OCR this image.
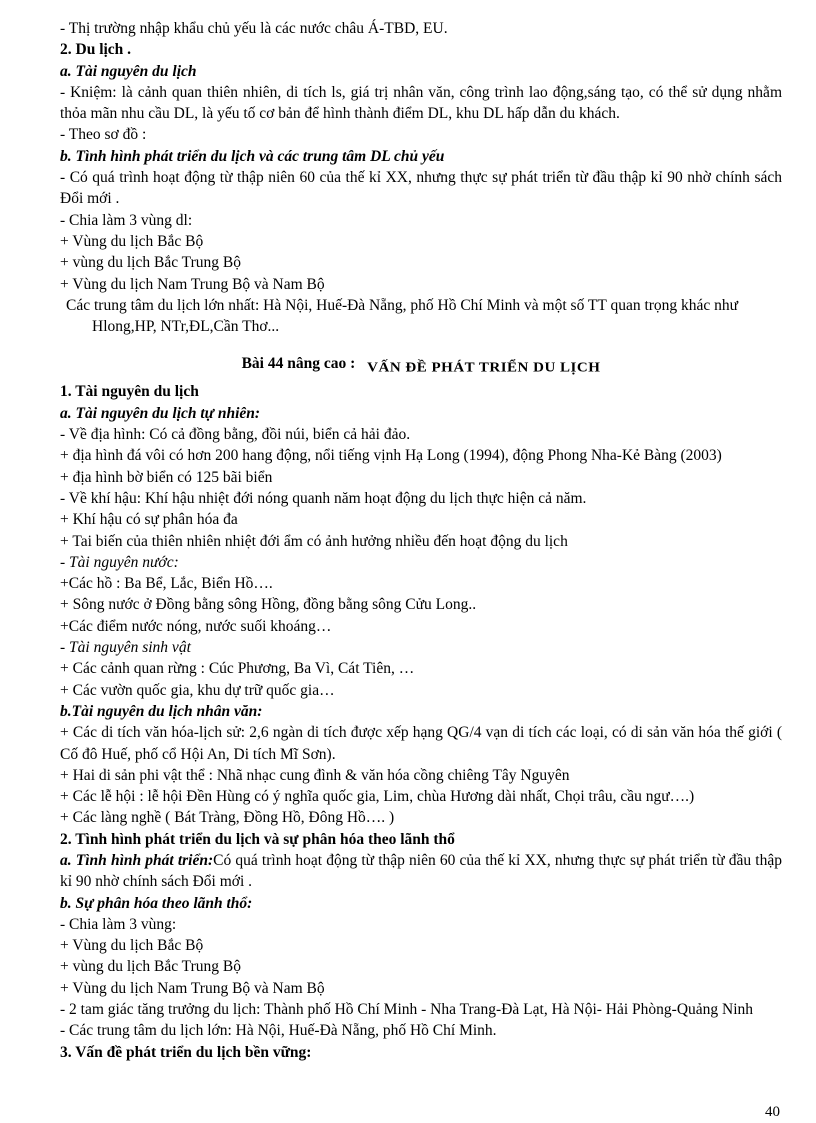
- Thị trường nhập khẩu chủ yếu là các nước châu Á-TBD, EU.
2. Du lịch .
a. Tài nguyên du lịch
- Kniệm: là cảnh quan thiên nhiên, di tích ls, giá trị nhân văn, công trình lao động,sáng tạo, có thể sử dụng nhằm thỏa mãn nhu cầu DL, là yếu tố cơ bản để hình thành điểm DL, khu DL hấp dẫn du khách.
- Theo sơ đồ :
b. Tình hình phát triển du lịch và các trung tâm DL chủ yếu
- Có quá trình hoạt động từ thập niên 60 của thế kỉ XX, nhưng thực sự phát triển từ đầu thập kỉ 90 nhờ chính sách Đổi mới .
- Chia làm 3 vùng dl:
+ Vùng du lịch Bắc Bộ
+ vùng du lịch Bắc Trung Bộ
+ Vùng du lịch Nam Trung Bộ và Nam Bộ
Các trung tâm du lịch lớn nhất: Hà Nội, Huế-Đà Nẵng, phố Hồ Chí Minh và một số TT quan trọng khác như Hlong,HP, NTr,ĐL,Cần Thơ...
Bài 44 nâng cao : VẤN ĐỀ PHÁT TRIỂN DU LỊCH
1. Tài nguyên du lịch
a. Tài nguyên du lịch tự nhiên:
- Về địa hình: Có cả đồng bằng, đồi núi, biển cả hải đảo.
+ địa hình đá vôi có hơn 200 hang động, nổi tiếng vịnh Hạ Long (1994), động Phong Nha-Kẻ Bàng (2003)
+ địa hình bờ biển có 125 bãi biển
- Về khí hậu: Khí hậu nhiệt đới nóng quanh năm hoạt động du lịch thực hiện cả năm.
+ Khí hậu có sự phân hóa đa
+ Tai biến của thiên nhiên nhiệt đới ẩm có ảnh hưởng nhiều đến hoạt động du lịch
- Tài nguyên nước:
+Các hồ : Ba Bể, Lắc, Biển Hồ….
+ Sông nước ở Đồng bằng sông Hồng, đồng bằng sông Cửu Long..
+Các điểm nước nóng, nước suối khoáng…
- Tài nguyên sinh vật
+ Các cảnh quan rừng : Cúc Phương, Ba Vì, Cát Tiên, …
+ Các vườn quốc gia, khu dự trữ quốc gia…
b.Tài nguyên du lịch nhân văn:
+ Các di tích văn hóa-lịch sử: 2,6 ngàn di tích được xếp hạng QG/4 vạn di tích các loại, có di sản văn hóa thế giới ( Cố đô Huế, phố cổ Hội An, Di tích Mĩ Sơn).
+ Hai di sản phi vật thể : Nhã nhạc cung đình & văn hóa cồng chiêng Tây Nguyên
+ Các lễ hội : lễ hội Đền Hùng có ý nghĩa quốc gia, Lim, chùa Hương dài nhất, Chọi trâu, cầu ngư….)
+ Các làng nghề ( Bát Tràng, Đồng Hồ, Đông Hồ…. )
2. Tình hình phát triển du lịch và sự phân hóa theo lãnh thổ
a. Tình hình phát triển:Có quá trình hoạt động từ thập niên 60 của thế kỉ XX, nhưng thực sự phát triển từ đầu thập kỉ 90 nhờ chính sách Đổi mới .
b. Sự phân hóa theo lãnh thổ:
- Chia làm 3 vùng:
+ Vùng du lịch Bắc Bộ
+ vùng du lịch Bắc Trung Bộ
+ Vùng du lịch Nam Trung Bộ và Nam Bộ
- 2 tam giác tăng trưởng du lịch: Thành phố Hồ Chí Minh - Nha Trang-Đà Lạt, Hà Nội- Hải Phòng-Quảng Ninh
- Các trung tâm du lịch lớn: Hà Nội, Huế-Đà Nẵng, phố Hồ Chí Minh.
3. Vấn đề phát triển du lịch bền vững:
40
